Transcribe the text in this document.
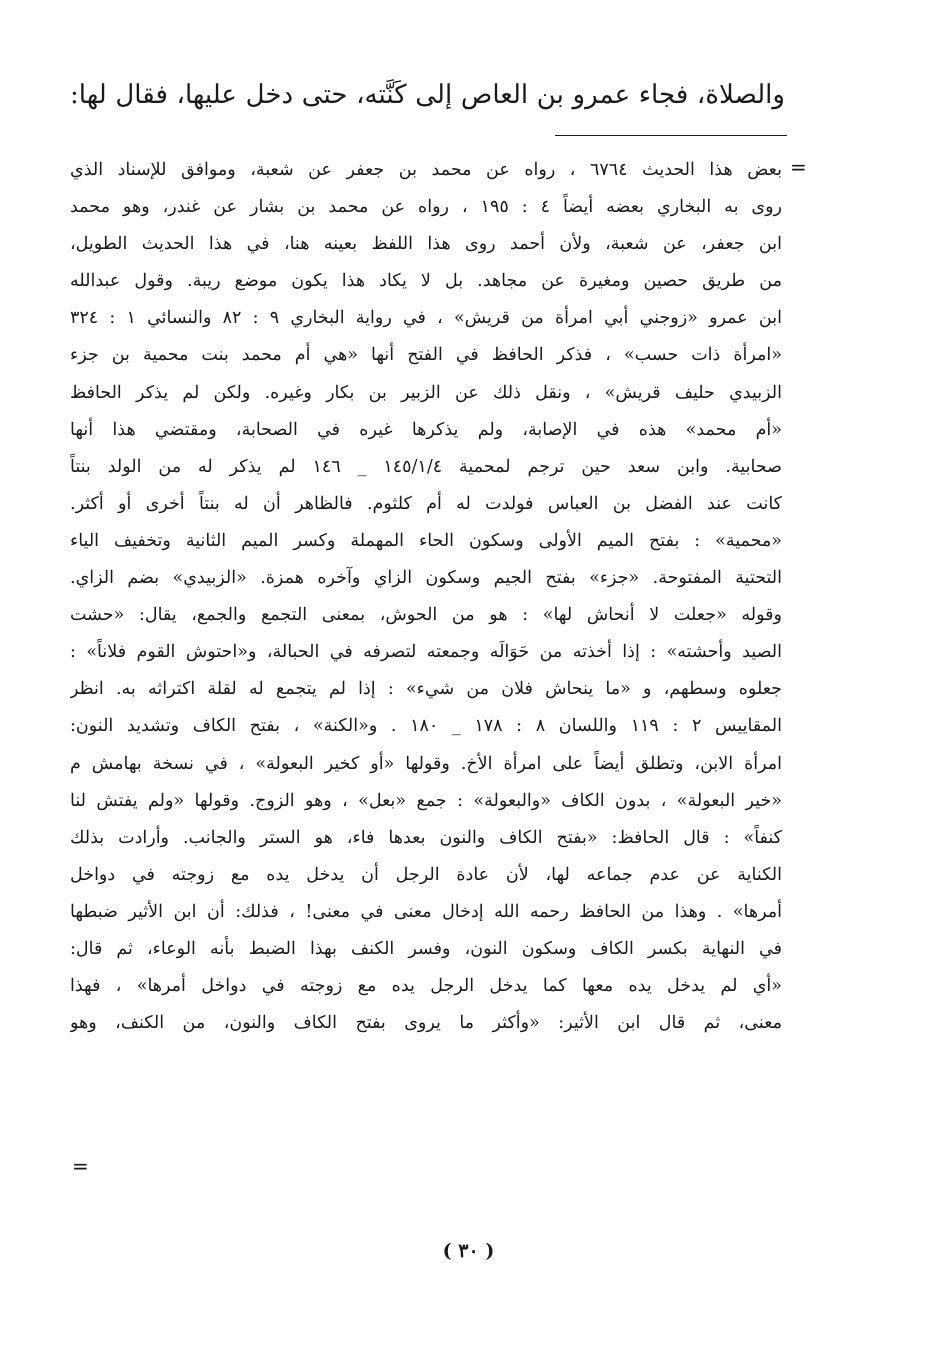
والصلاة، فجاء عمرو بن العاص إلى كَنَّته، حتى دخل عليها، فقال لها:
=
بعض هذا الحديث ٦٧٦٤ ، رواه عن محمد بن جعفر عن شعبة، وموافق للإسناد الذي
روى به البخاري بعضه أيضاً ٤ : ١٩٥ ، رواه عن محمد بن بشار عن غندر، وهو محمد
ابن جعفر، عن شعبة، ولأن أحمد روى هذا اللفظ بعينه هنا، في هذا الحديث الطويل،
من طريق حصين ومغيرة عن مجاهد. بل لا يكاد هذا يكون موضع ريبة. وقول عبدالله
ابن عمرو «زوجني أبي امرأة من قريش» ، في رواية البخاري ٩ : ٨٢ والنسائي ١ : ٣٢٤
«امرأة ذات حسب» ، فذكر الحافظ في الفتح أنها «هي أم محمد بنت محمية بن جزء
الزبيدي حليف قريش» ، ونقل ذلك عن الزبير بن بكار وغيره. ولكن لم يذكر الحافظ
«أم محمد» هذه في الإصابة، ولم يذكرها غيره في الصحابة، ومقتضي هذا أنها
صحابية. وابن سعد حين ترجم لمحمية ١٤٥/١/٤ _ ١٤٦ لم يذكر له من الولد بنتاً
كانت عند الفضل بن العباس فولدت له أم كلثوم. فالظاهر أن له بنتاً أخرى أو أكثر.
«محمية» : بفتح الميم الأولى وسكون الحاء المهملة وكسر الميم الثانية وتخفيف الياء
التحتية المفتوحة. «جزء» بفتح الجيم وسكون الزاي وآخره همزة. «الزبيدي» بضم الزاي.
وقوله «جعلت لا أنحاش لها» : هو من الحوش، بمعنى التجمع والجمع، يقال: «حشت
الصيد وأحشته» : إذا أخذته من حَوَالَه وجمعته لتصرفه في الحبالة، و«احتوش القوم فلاناً» :
جعلوه وسطهم، و «ما ينحاش فلان من شيء» : إذا لم يتجمع له لقلة اكتراثه به. انظر
المقاييس ٢ : ١١٩ واللسان ٨ : ١٧٨ _ ١٨٠ . و«الكنة» ، بفتح الكاف وتشديد النون:
امرأة الابن، وتطلق أيضاً على امرأة الأخ. وقولها «أو كخير البعولة» ، في نسخة بهامش م
«خير البعولة» ، بدون الكاف «والبعولة» : جمع «بعل» ، وهو الزوج. وقولها «ولم يفتش لنا
كنفاً» : قال الحافظ: «بفتح الكاف والنون بعدها فاء، هو الستر والجانب. وأرادت بذلك
الكناية عن عدم جماعه لها، لأن عادة الرجل أن يدخل يده مع زوجته في دواخل
أمرها» . وهذا من الحافظ رحمه الله إدخال معنى في معنى! ، فذلك: أن ابن الأثير ضبطها
في النهاية بكسر الكاف وسكون النون، وفسر الكنف بهذا الضبط بأنه الوعاء، ثم قال:
«أي لم يدخل يده معها كما يدخل الرجل يده مع زوجته في دواخل أمرها» ، فهذا
معنى، ثم قال ابن الأثير: «وأكثر ما يروى بفتح الكاف والنون، من الكنف، وهو
=
( ٣٠ )
